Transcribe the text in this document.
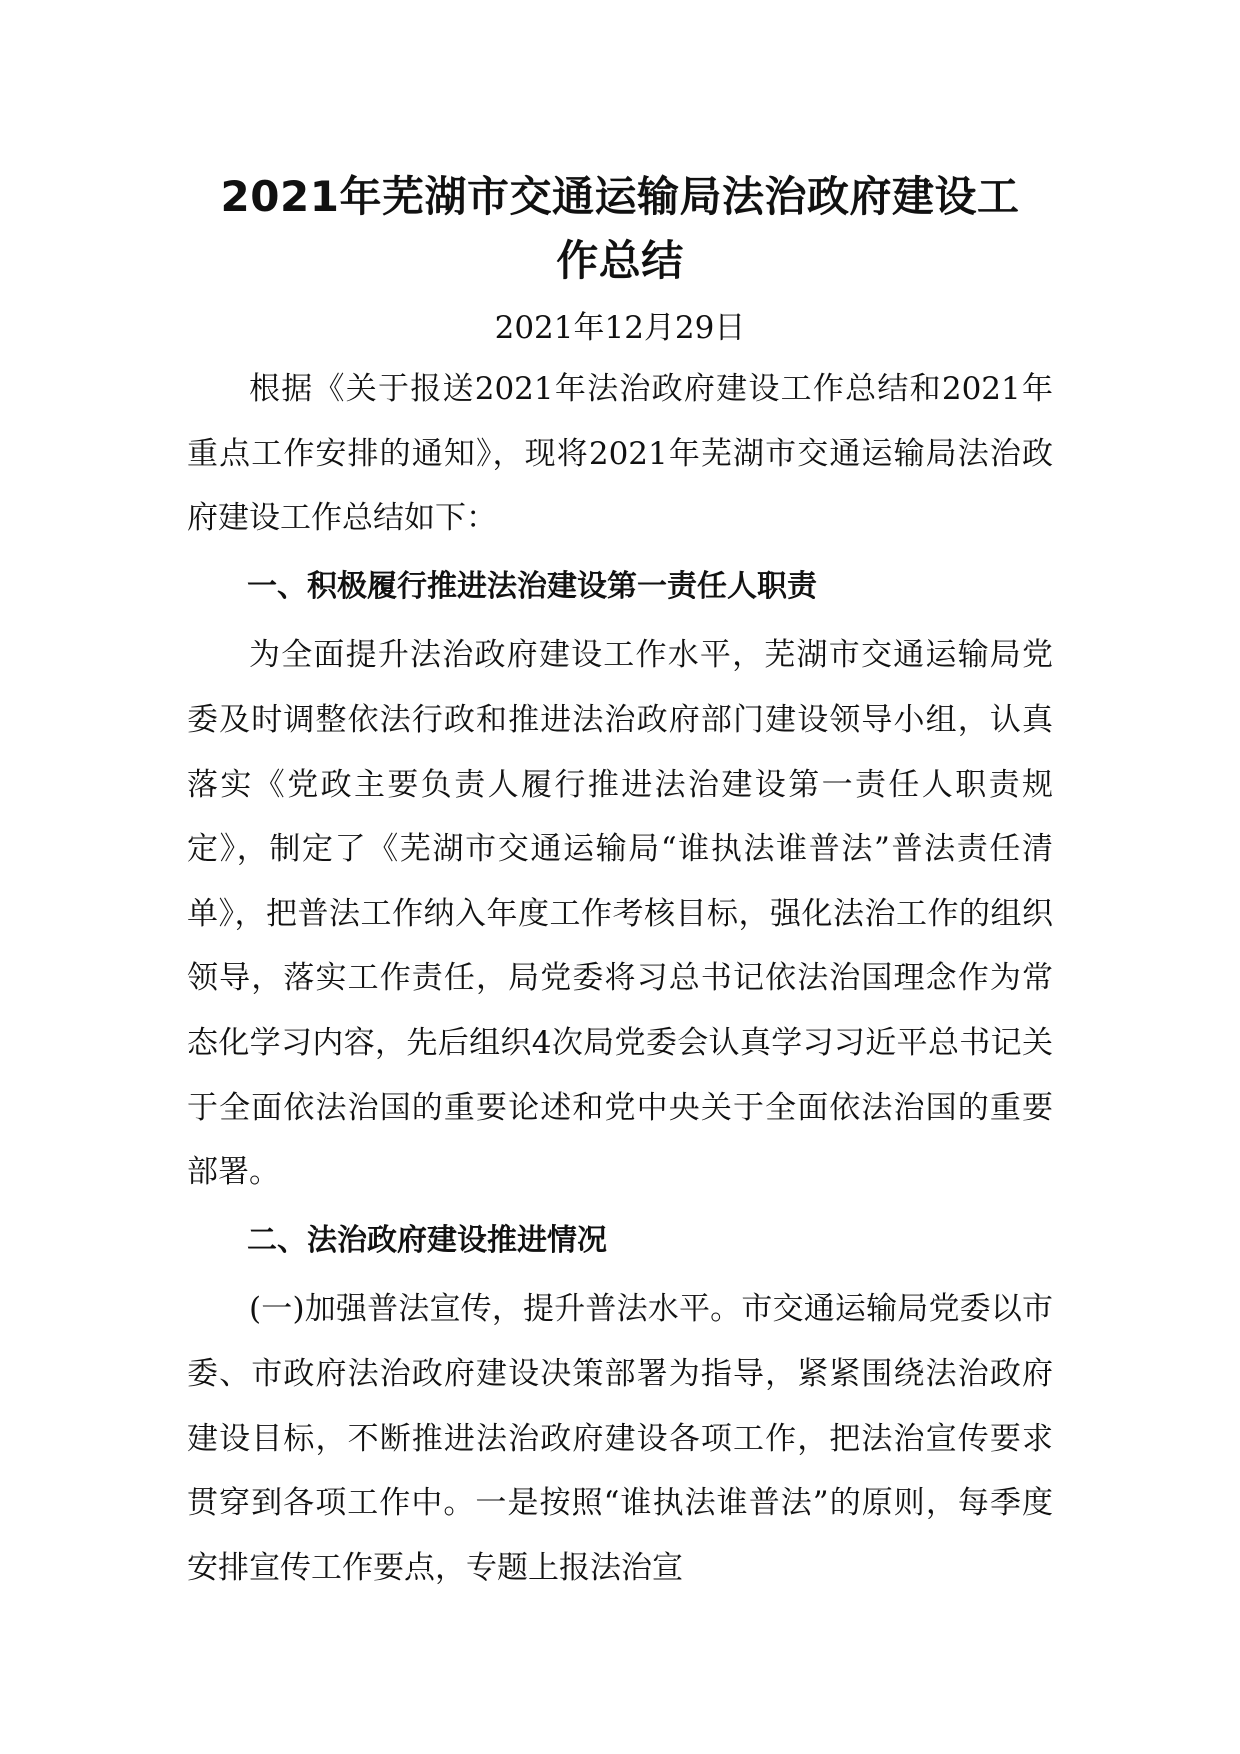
2021年芜湖市交通运输局法治政府建设工
作总结
2021年12月29日

根据《关于报送2021年法治政府建设工作总结和2021年重点工作安排的通知》，现将2021年芜湖市交通运输局法治政府建设工作总结如下：

一、积极履行推进法治建设第一责任人职责

为全面提升法治政府建设工作水平，芜湖市交通运输局党委及时调整依法行政和推进法治政府部门建设领导小组，认真落实《党政主要负责人履行推进法治建设第一责任人职责规定》，制定了《芜湖市交通运输局“谁执法谁普法”普法责任清单》，把普法工作纳入年度工作考核目标，强化法治工作的组织领导，落实工作责任，局党委将习总书记依法治国理念作为常态化学习内容，先后组织4次局党委会认真学习习近平总书记关于全面依法治国的重要论述和党中央关于全面依法治国的重要部署。

二、法治政府建设推进情况

(一)加强普法宣传，提升普法水平。市交通运输局党委以市委、市政府法治政府建设决策部署为指导，紧紧围绕法治政府建设目标，不断推进法治政府建设各项工作，把法治宣传要求贯穿到各项工作中。一是按照“谁执法谁普法”的原则，每季度安排宣传工作要点，专题上报法治宣
